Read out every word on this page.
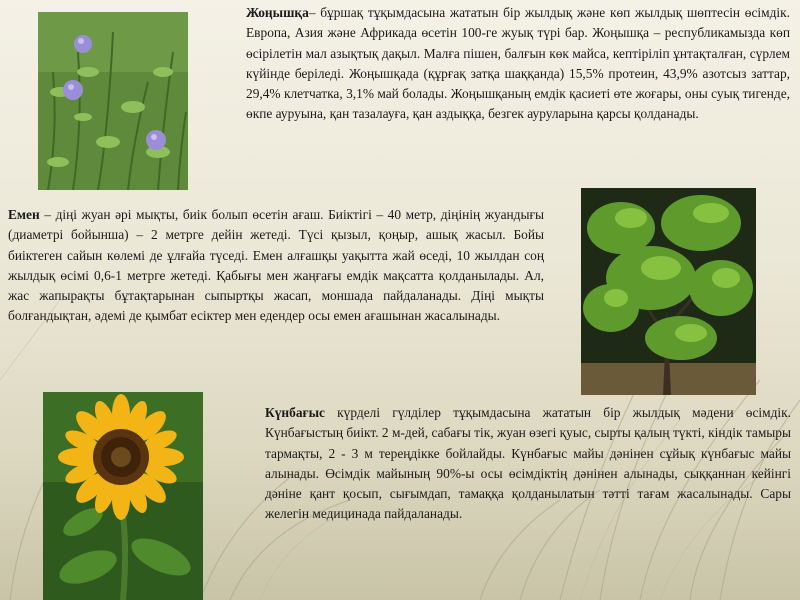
Жоңышқа– бұршақ тұқымдасына жататын бір жылдық және көп жылдық шөптесін өсімдік. Европа, Азия және Африкада өсетін 100-ге жуық түрі бар. Жоңышқа – республикамызда көп өсірілетін мал азықтық дақыл. Малға пішен, балғын көк майса, кептіріліп ұнтақталған, сүрлем күйінде беріледі. Жоңышқада (құрғақ затқа шаққанда) 15,5% протеин, 43,9% азотсыз заттар, 29,4% клетчатка, 3,1% май болады. Жоңышқаның емдік қасиеті өте жоғары, оны суық тигенде, өкпе ауруына, қан тазалауға, қан аздыққа, безгек ауруларына қарсы қолданады.

Емен – діңі жуан әрі мықты, биік болып өсетін ағаш. Биіктігі – 40 метр, діңінің жуандығы (диаметрі бойынша) – 2 метрге дейін жетеді. Түсі қызыл, қоңыр, ашық жасыл. Бойы биіктеген сайын көлемі де ұлғайа түседі. Емен алғашқы уақытта жай өседі, 10 жылдан соң жылдық өсімі 0,6-1 метрге жетеді. Қабығы мен жаңғағы емдік мақсатта қолданылады. Ал, жас жапырақты бұтақтарынан сыпыртқы жасап, моншада пайдаланады. Діңі мықты болғандықтан, әдемі де қымбат есіктер мен едендер осы емен ағашынан жасалынады.

Күнбағыс күрделі гүлділер тұқымдасына жататын бір жылдық мәдени өсімдік. Күнбағыстың биікт. 2 м-дей, сабағы тік, жуан өзегі қуыс, сырты қалың түкті, кіндік тамыры тармақты, 2 - 3 м тереңдікке бойлайды. Күнбағыс майы дәнінен сұйық күнбағыс майы алынады. Өсімдік майының 90%-ы осы өсімдіктің дәнінен алынады, сыққаннан кейінгі дәніне қант қосып, сығымдап, тамаққа қолданылатын тәтті тағам жасалынады. Сары желегін медицинада пайдаланады.
